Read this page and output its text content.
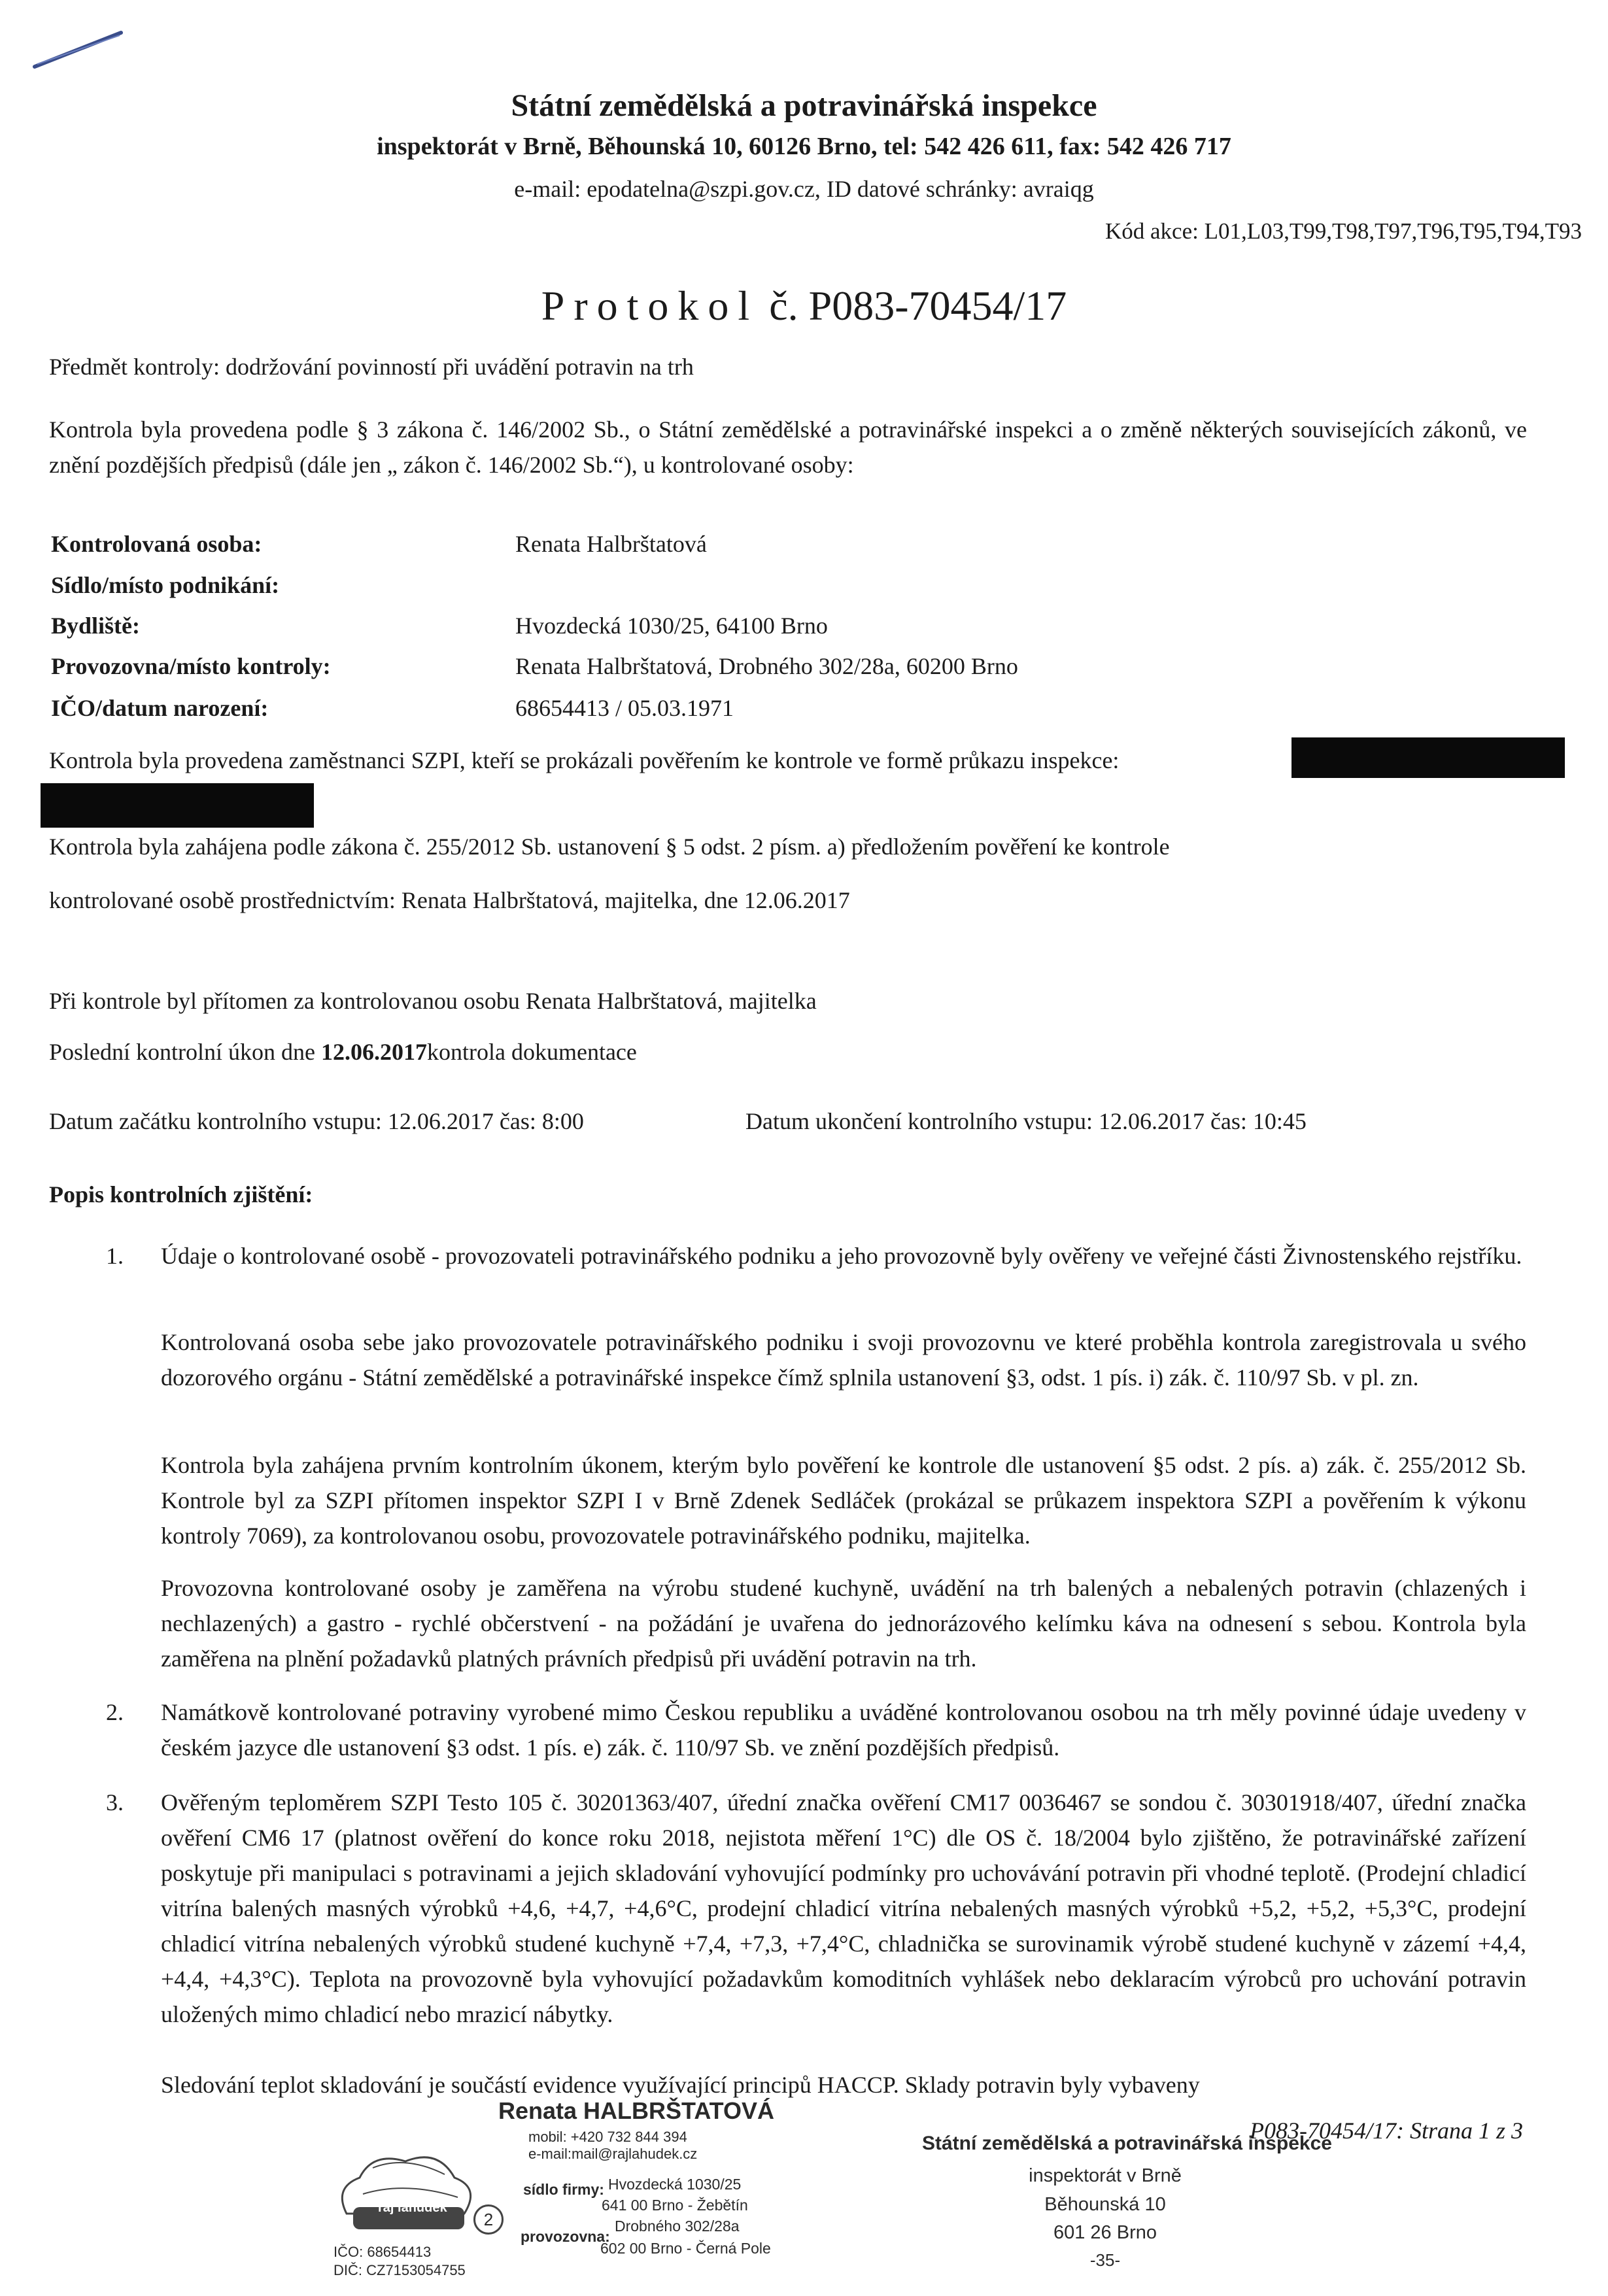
Státní zemědělská a potravinářská inspekce
inspektorát v Brně, Běhounská 10, 60126 Brno, tel: 542 426 611, fax: 542 426 717
e-mail: epodatelna@szpi.gov.cz, ID datové schránky: avraiqg
Kód akce: L01,L03,T99,T98,T97,T96,T95,T94,T93
Protokol č. P083-70454/17
Předmět kontroly: dodržování povinností při uvádění potravin na trh
Kontrola byla provedena podle § 3 zákona č. 146/2002 Sb., o Státní zemědělské a potravinářské inspekci a o změně některých souvisejících zákonů, ve znění pozdějších předpisů (dále jen „ zákon č. 146/2002 Sb.“), u kontrolované osoby:
Kontrolovaná osoba:	Renata Halbrštatová
Sídlo/místo podnikání:
Bydliště:	Hvozdecká 1030/25, 64100 Brno
Provozovna/místo kontroly:	Renata Halbrštatová, Drobného 302/28a, 60200 Brno
IČO/datum narození:	68654413 / 05.03.1971
Kontrola byla provedena zaměstnanci SZPI, kteří se prokázali pověřením ke kontrole ve formě průkazu inspekce:
Kontrola byla zahájena podle zákona č. 255/2012 Sb. ustanovení § 5 odst. 2 písm. a) předložením pověření ke kontrole
kontrolované osobě prostřednictvím: Renata Halbrštatová, majitelka, dne 12.06.2017
Při kontrole byl přítomen za kontrolovanou osobu Renata Halbrštatová, majitelka
Poslední kontrolní úkon dne 12.06.2017kontrola dokumentace
Datum začátku kontrolního vstupu: 12.06.2017 čas: 8:00	Datum ukončení kontrolního vstupu: 12.06.2017 čas: 10:45
Popis kontrolních zjištění:
1. Údaje o kontrolované osobě - provozovateli potravinářského podniku a jeho provozovně byly ověřeny ve veřejné části Živnostenského rejstříku.
Kontrolovaná osoba sebe jako provozovatele potravinářského podniku i svoji provozovnu ve které proběhla kontrola zaregistrovala u svého dozorového orgánu - Státní zemědělské a potravinářské inspekce čímž splnila ustanovení §3, odst. 1 pís. i) zák. č. 110/97 Sb. v pl. zn.
Kontrola byla zahájena prvním kontrolním úkonem, kterým bylo pověření ke kontrole dle ustanovení §5 odst. 2 pís. a) zák. č. 255/2012 Sb. Kontrole byl za SZPI přítomen inspektor SZPI I v Brně Zdenek Sedláček (prokázal se průkazem inspektora SZPI a pověřením k výkonu kontroly 7069), za kontrolovanou osobu, provozovatele potravinářského podniku, majitelka.
Provozovna kontrolované osoby je zaměřena na výrobu studené kuchyně, uvádění na trh balených a nebalených potravin (chlazených i nechlazených) a gastro - rychlé občerstvení - na požádání je uvařena do jednorázového kelímku káva na odnesení s sebou. Kontrola byla zaměřena na plnění požadavků platných právních předpisů při uvádění potravin na trh.
2. Namátkově kontrolované potraviny vyrobené mimo Českou republiku a uváděné kontrolovanou osobou na trh měly povinné údaje uvedeny v českém jazyce dle ustanovení §3 odst. 1 pís. e) zák. č. 110/97 Sb. ve znění pozdějších předpisů.
3. Ověřeným teploměrem SZPI Testo 105 č. 30201363/407, úřední značka ověření CM17 0036467 se sondou č. 30301918/407, úřední značka ověření CM6 17 (platnost ověření do konce roku 2018, nejistota měření 1°C) dle OS č. 18/2004 bylo zjištěno, že potravinářské zařízení poskytuje při manipulaci s potravinami a jejich skladování vyhovující podmínky pro uchovávání potravin při vhodné teplotě. (Prodejní chladicí vitrína balených masných výrobků +4,6, +4,7, +4,6°C, prodejní chladicí vitrína nebalených masných výrobků +5,2, +5,2, +5,3°C, prodejní chladicí vitrína nebalených výrobků studené kuchyně +7,4, +7,3, +7,4°C, chladnička se surovinamik výrobě studené kuchyně v zázemí +4,4, +4,4, +4,3°C). Teplota na provozovně byla vyhovující požadavkům komoditních vyhlášek nebo deklaracím výrobců pro uchování potravin uložených mimo chladicí nebo mrazicí nábytky.
Sledování teplot skladování je součástí evidence využívající principů HACCP. Sklady potravin byly vybaveny
Renata HALBRŠTATOVÁ
mobil: +420 732 844 394
e-mail:mail@rajlahudek.cz
ráj lahůdek
2
sídlo firmy: Hvozdecká 1030/25
641 00 Brno - Žebětín
provozovna:
Drobného 302/28a
602 00 Brno - Černá Pole
IČO: 68654413
DIČ: CZ7153054755
Státní zemědělská a potravinářská inspekce
inspektorát v Brně
Běhounská 10
601 26 Brno
-35-
P083-70454/17: Strana 1 z 3
